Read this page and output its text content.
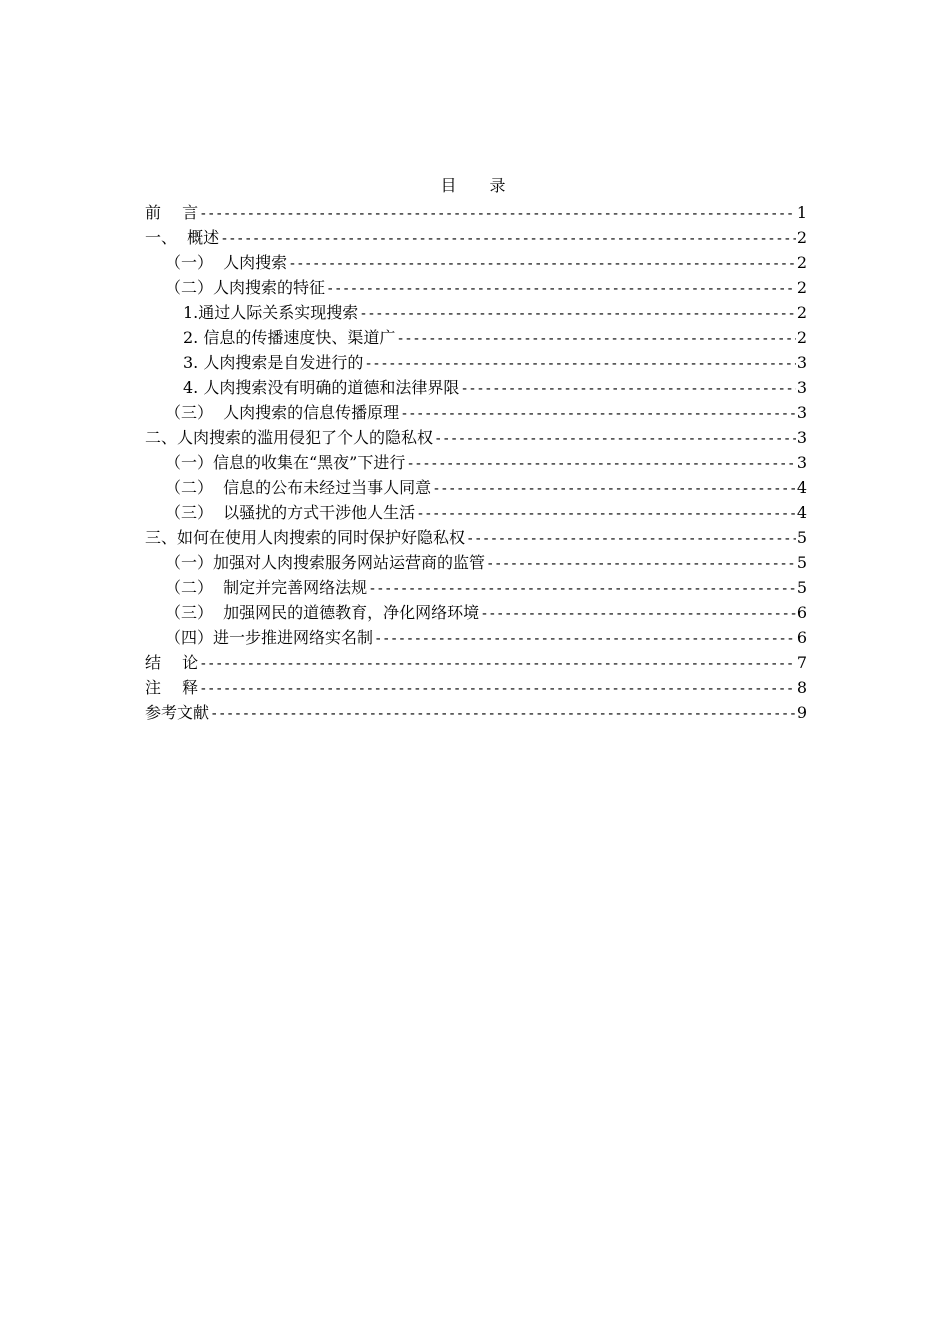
目 录
前　 言 -----	1
一、  概述 -----	2
（一）  人肉搜索 -----	2
（二）人肉搜索的特征 -----	2
1.通过人际关系实现搜索 -----	2
2. 信息的传播速度快、渠道广 -----	2
3. 人肉搜索是自发进行的 -----	3
4. 人肉搜索没有明确的道德和法律界限 -----	3
（三）  人肉搜索的信息传播原理 -----	3
二、人肉搜索的滥用侵犯了个人的隐私权 -----	3
（一）信息的收集在“黑夜”下进行 -----	3
（二）  信息的公布未经过当事人同意 -----	4
（三）  以骚扰的方式干涉他人生活 -----	4
三、如何在使用人肉搜索的同时保护好隐私权 -----	5
（一）加强对人肉搜索服务网站运营商的监管 -----	5
（二）  制定并完善网络法规 -----	5
（三）  加强网民的道德教育，净化网络环境 -----	6
（四）进一步推进网络实名制 -----	6
结　 论 -----	7
注　 释 -----	8
参考文献 -----	9
